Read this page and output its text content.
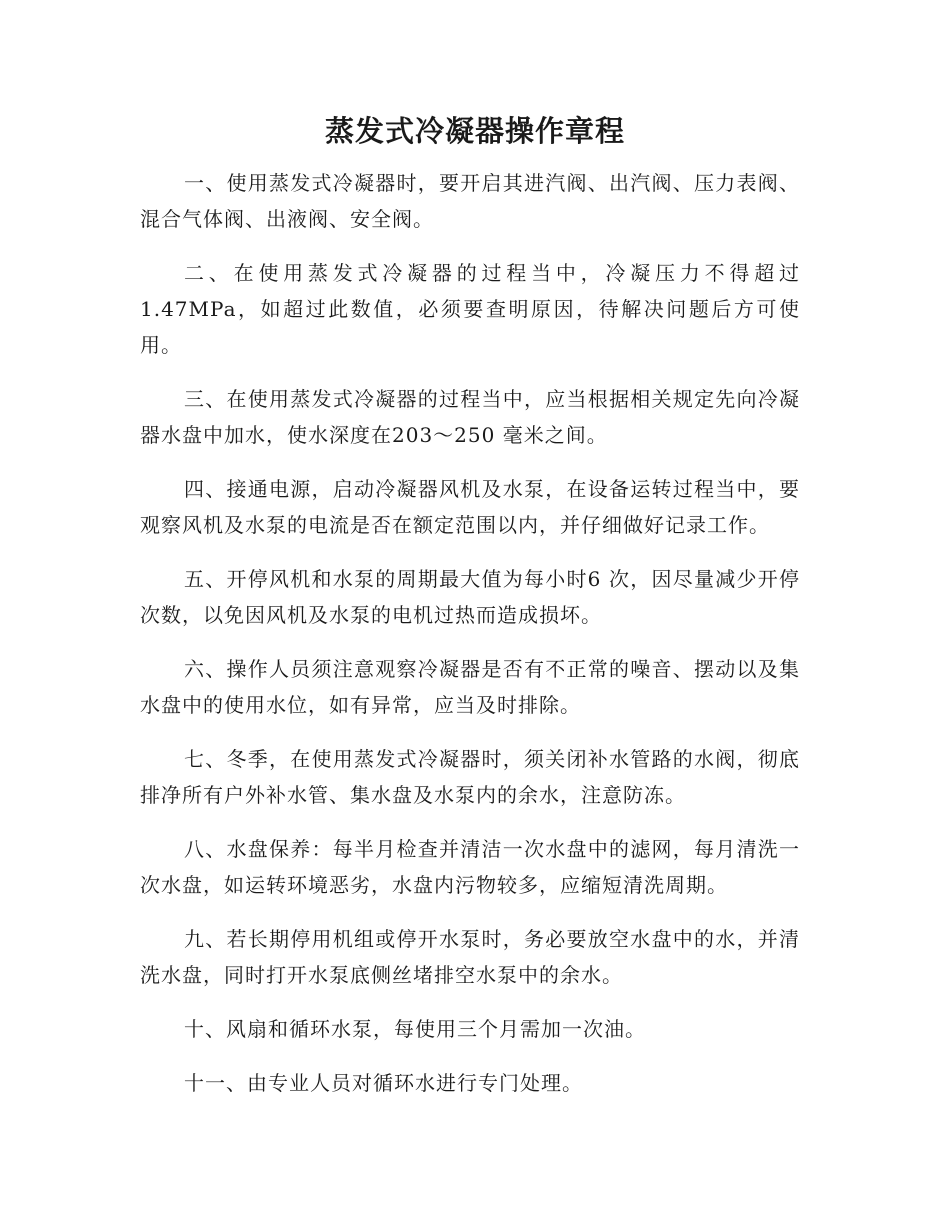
蒸发式冷凝器操作章程

一、使用蒸发式冷凝器时，要开启其进汽阀、出汽阀、压力表阀、混合气体阀、出液阀、安全阀。

二、在使用蒸发式冷凝器的过程当中，冷凝压力不得超过1.47MPa，如超过此数值，必须要查明原因，待解决问题后方可使用。

三、在使用蒸发式冷凝器的过程当中，应当根据相关规定先向冷凝器水盘中加水，使水深度在203～250 毫米之间。

四、接通电源，启动冷凝器风机及水泵，在设备运转过程当中，要观察风机及水泵的电流是否在额定范围以内，并仔细做好记录工作。

五、开停风机和水泵的周期最大值为每小时6 次，因尽量减少开停次数，以免因风机及水泵的电机过热而造成损坏。

六、操作人员须注意观察冷凝器是否有不正常的噪音、摆动以及集水盘中的使用水位，如有异常，应当及时排除。

七、冬季，在使用蒸发式冷凝器时，须关闭补水管路的水阀，彻底排净所有户外补水管、集水盘及水泵内的余水，注意防冻。

八、水盘保养：每半月检查并清洁一次水盘中的滤网，每月清洗一次水盘，如运转环境恶劣，水盘内污物较多，应缩短清洗周期。

九、若长期停用机组或停开水泵时，务必要放空水盘中的水，并清洗水盘，同时打开水泵底侧丝堵排空水泵中的余水。

十、风扇和循环水泵，每使用三个月需加一次油。

十一、由专业人员对循环水进行专门处理。
